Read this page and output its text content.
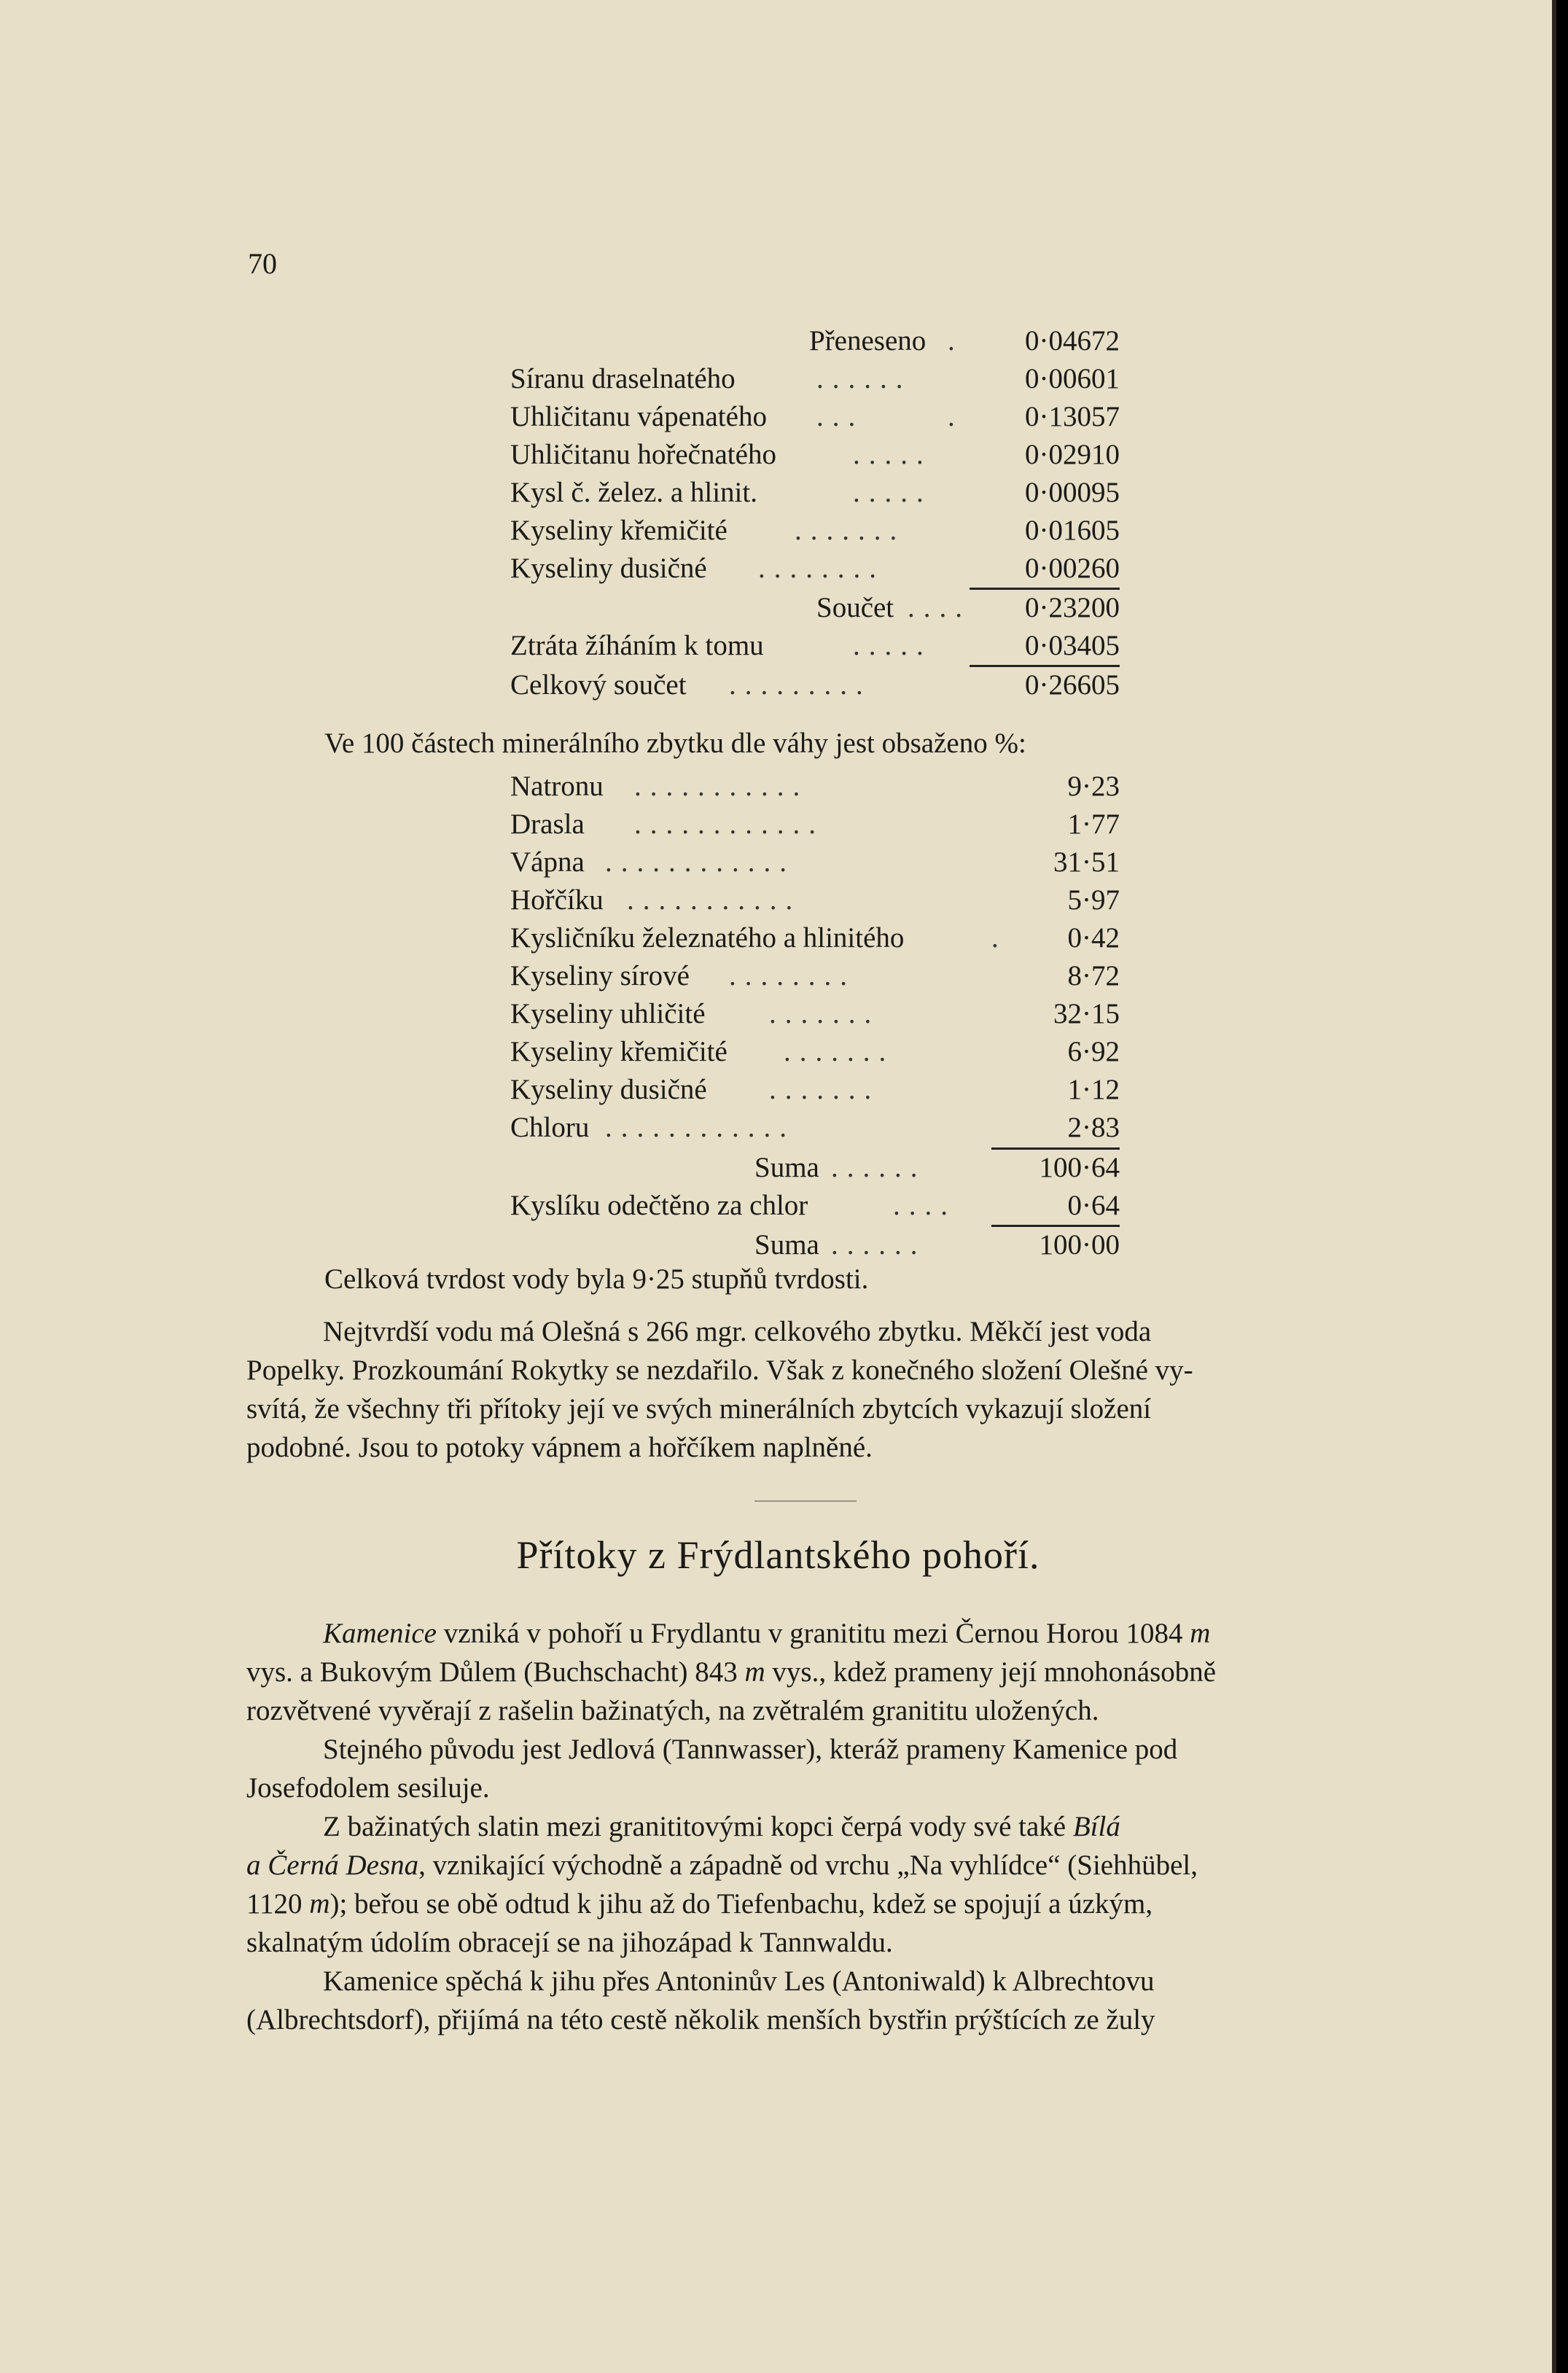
70
Přeneseno .	0·04672
Síranu draselnatého	......	0·00601
Uhličitanu vápenatého ...	.	0·13057
Uhličitanu hořečnatého	.....	0·02910
Kysl č. želez. a hlinit.	.....	0·00095
Kyseliny křemičité .......	0·01605
Kyseliny dusičné ........	0·00260
Součet ....	0·23200
Ztráta žíháním k tomu	.....	0·03405
Celkový součet .........	0·26605
Ve 100 částech minerálního zbytku dle váhy jest obsaženo %:
Natronu ...........	9·23
Drasla ............	1·77
Vápna ............	31·51
Hořčíku ...........	5·97
Kysličníku železnatého a hlinitého	.	0·42
Kyseliny sírové ........	8·72
Kyseliny uhličité .......	32·15
Kyseliny křemičité .......	6·92
Kyseliny dusičné .......	1·12
Chloru ............	2·83
Suma ......	100·64
Kyslíku odečtěno za chlor	....	0·64
Suma ......	100·00
Celková tvrdost vody byla 9·25 stupňů tvrdosti.
Nejtvrdší vodu má Olešná s 266 mgr. celkového zbytku. Měkčí jest voda
Popelky. Prozkoumání Rokytky se nezdařilo. Však z konečného složení Olešné vy-
svítá, že všechny tři přítoky její ve svých minerálních zbytcích vykazují složení
podobné. Jsou to potoky vápnem a hořčíkem naplněné.
Přítoky z Frýdlantského pohoří.
Kamenice vzniká v pohoří u Frydlantu v granititu mezi Černou Horou 1084 m
vys. a Bukovým Důlem (Buchschacht) 843 m vys., kdež prameny její mnohonásobně
rozvětvené vyvěrají z rašelin bažinatých, na zvětralém granititu uložených.
Stejného původu jest Jedlová (Tannwasser), kteráž prameny Kamenice pod
Josefodolem sesiluje.
Z bažinatých slatin mezi granititovými kopci čerpá vody své také Bílá
a Černá Desna, vznikající východně a západně od vrchu „Na vyhlídce“ (Siehhübel,
1120 m); beřou se obě odtud k jihu až do Tiefenbachu, kdež se spojují a úzkým,
skalnatým údolím obracejí se na jihozápad k Tannwaldu.
Kamenice spěchá k jihu přes Antoninův Les (Antoniwald) k Albrechtovu
(Albrechtsdorf), přijímá na této cestě několik menších bystřin prýštících ze žuly
